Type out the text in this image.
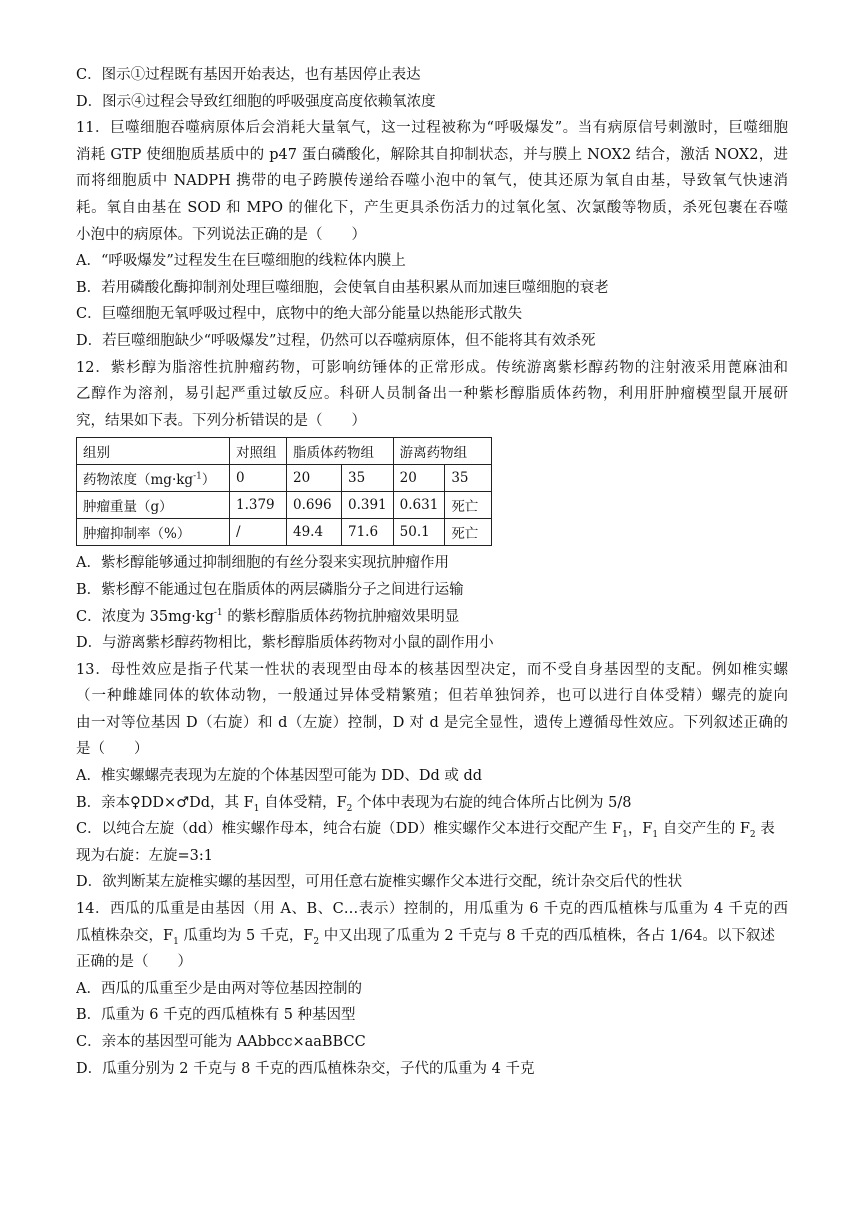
C．图示①过程既有基因开始表达，也有基因停止表达
D．图示④过程会导致红细胞的呼吸强度高度依赖氧浓度
11．巨噬细胞吞噬病原体后会消耗大量氧气，这一过程被称为“呼吸爆发”。当有病原信号刺激时，巨噬细胞
消耗 GTP 使细胞质基质中的 p47 蛋白磷酸化，解除其自抑制状态，并与膜上 NOX2 结合，激活 NOX2，进
而将细胞质中 NADPH 携带的电子跨膜传递给吞噬小泡中的氧气，使其还原为氧自由基，导致氧气快速消
耗。氧自由基在 SOD 和 MPO 的催化下，产生更具杀伤活力的过氧化氢、次氯酸等物质，杀死包裹在吞噬
小泡中的病原体。下列说法正确的是（　　）
A．“呼吸爆发”过程发生在巨噬细胞的线粒体内膜上
B．若用磷酸化酶抑制剂处理巨噬细胞，会使氧自由基积累从而加速巨噬细胞的衰老
C．巨噬细胞无氧呼吸过程中，底物中的绝大部分能量以热能形式散失
D．若巨噬细胞缺少“呼吸爆发”过程，仍然可以吞噬病原体，但不能将其有效杀死
12．紫杉醇为脂溶性抗肿瘤药物，可影响纺锤体的正常形成。传统游离紫杉醇药物的注射液采用蓖麻油和
乙醇作为溶剂，易引起严重过敏反应。科研人员制备出一种紫杉醇脂质体药物，利用肝肿瘤模型鼠开展研
究，结果如下表。下列分析错误的是（　　）
组别	对照组	脂质体药物组		游离药物组	
药物浓度$(mg\cdot kg^{-1})$	0	20	35	20	35
肿瘤重量（g）	1.379	0.696	0.391	0.631	死亡
肿瘤抑制率（%）	/	49.4	71.6	50.1	死亡
A．紫杉醇能够通过抑制细胞的有丝分裂来实现抗肿瘤作用
B．紫杉醇不能通过包在脂质体的两层磷脂分子之间进行运输
C．浓度为 $35mg\cdot kg^{-1}$ 的紫杉醇脂质体药物抗肿瘤效果明显
D．与游离紫杉醇药物相比，紫杉醇脂质体药物对小鼠的副作用小
13．母性效应是指子代某一性状的表现型由母本的核基因型决定，而不受自身基因型的支配。例如椎实螺
（一种雌雄同体的软体动物，一般通过异体受精繁殖；但若单独饲养，也可以进行自体受精）螺壳的旋向
由一对等位基因 D（右旋）和 d（左旋）控制，D 对 d 是完全显性，遗传上遵循母性效应。下列叙述正确的
是（　　）
A．椎实螺螺壳表现为左旋的个体基因型可能为 DD、Dd 或 dd
B．亲本♀DD×♂Dd，其 $F_1$ 自体受精，$F_2$ 个体中表现为右旋的纯合体所占比例为 5/8
C．以纯合左旋（dd）椎实螺作母本，纯合右旋（DD）椎实螺作父本进行交配产生 $F_1$，$F_1$ 自交产生的 $F_2$ 表
现为右旋：左旋=3:1
D．欲判断某左旋椎实螺的基因型，可用任意右旋椎实螺作父本进行交配，统计杂交后代的性状
14．西瓜的瓜重是由基因（用 A、B、C…表示）控制的，用瓜重为 6 千克的西瓜植株与瓜重为 4 千克的西
瓜植株杂交，$F_1$ 瓜重均为 5 千克，$F_2$ 中又出现了瓜重为 2 千克与 8 千克的西瓜植株，各占 1/64。以下叙述
正确的是（　　）
A．西瓜的瓜重至少是由两对等位基因控制的
B．瓜重为 6 千克的西瓜植株有 5 种基因型
C．亲本的基因型可能为 AAbbcc×aaBBCC
D．瓜重分别为 2 千克与 8 千克的西瓜植株杂交，子代的瓜重为 4 千克
